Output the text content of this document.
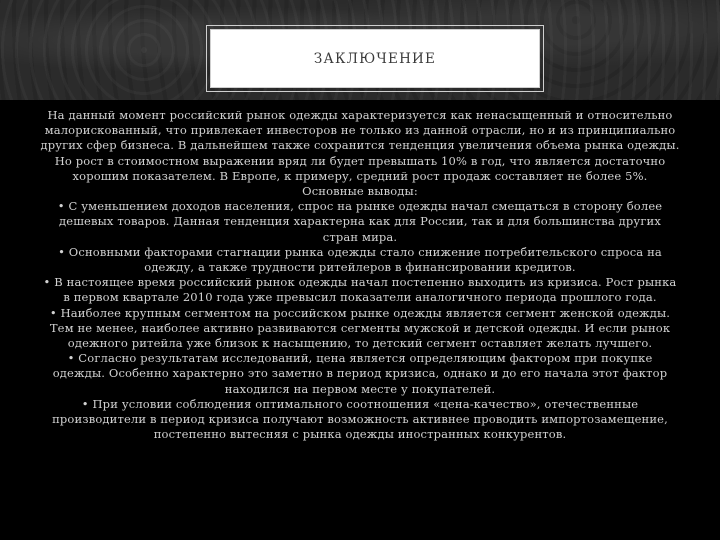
ЗАКЛЮЧЕНИЕ

На данный момент российский рынок одежды характеризуется как ненасыщенный и относительно малорискованный, что привлекает инвесторов не только из данной отрасли, но и из принципиально других сфер бизнеса. В дальнейшем также сохранится тенденция увеличения объема рынка одежды. Но рост в стоимостном выражении вряд ли будет превышать 10% в год, что является достаточно хорошим показателем. В Европе, к примеру, средний рост продаж составляет не более 5%.

Основные выводы:

• С уменьшением доходов населения, спрос на рынке одежды начал смещаться в сторону более дешевых товаров. Данная тенденция характерна как для России, так и для большинства других стран мира.

• Основными факторами стагнации рынка одежды стало снижение потребительского спроса на одежду, а также трудности ритейлеров в финансировании кредитов.

• В настоящее время российский рынок одежды начал постепенно выходить из кризиса. Рост рынка в первом квартале 2010 года уже превысил показатели аналогичного периода прошлого года.

• Наиболее крупным сегментом на российском рынке одежды является сегмент женской одежды. Тем не менее, наиболее активно развиваются сегменты мужской и детской одежды. И если рынок одежного ритейла уже близок к насыщению, то детский сегмент оставляет желать лучшего.

• Согласно результатам исследований, цена является определяющим фактором при покупке одежды. Особенно характерно это заметно в период кризиса, однако и до его начала этот фактор находился на первом месте у покупателей.

• При условии соблюдения оптимального соотношения «цена-качество», отечественные производители в период кризиса получают возможность активнее проводить импортозамещение, постепенно вытесняя с рынка одежды иностранных конкурентов.
